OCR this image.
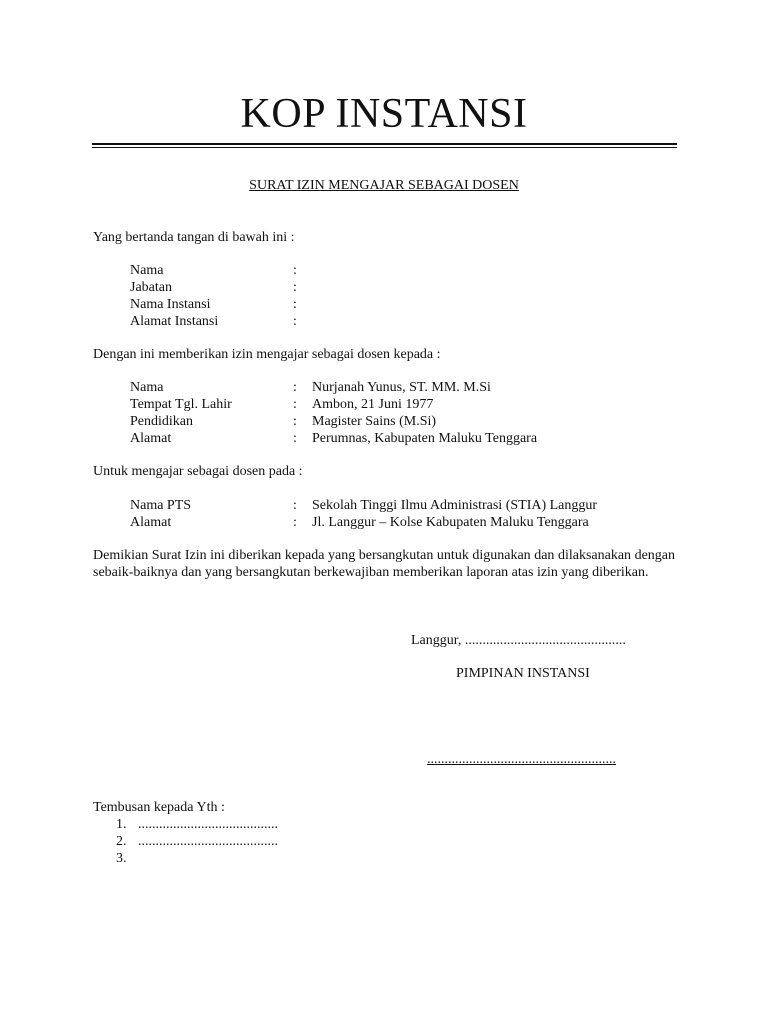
KOP INSTANSI
SURAT IZIN MENGAJAR SEBAGAI DOSEN
Yang bertanda tangan di bawah ini :
Nama	:
Jabatan	:
Nama Instansi	:
Alamat Instansi	:
Dengan ini memberikan izin mengajar sebagai dosen kepada :
Nama	: Nurjanah Yunus, ST. MM. M.Si
Tempat Tgl. Lahir	: Ambon, 21 Juni 1977
Pendidikan	: Magister Sains (M.Si)
Alamat	: Perumnas, Kabupaten Maluku Tenggara
Untuk mengajar sebagai dosen pada :
Nama PTS	: Sekolah Tinggi Ilmu Administrasi (STIA) Langgur
Alamat	: Jl. Langgur – Kolse Kabupaten Maluku Tenggara
Demikian Surat Izin ini diberikan kepada yang bersangkutan untuk digunakan dan dilaksanakan dengan sebaik-baiknya dan yang bersangkutan berkewajiban memberikan laporan atas izin yang diberikan.
Langgur, ..............................................
PIMPINAN INSTANSI
......................................................
Tembusan kepada Yth :
1. ........................................
2. ........................................
3.
